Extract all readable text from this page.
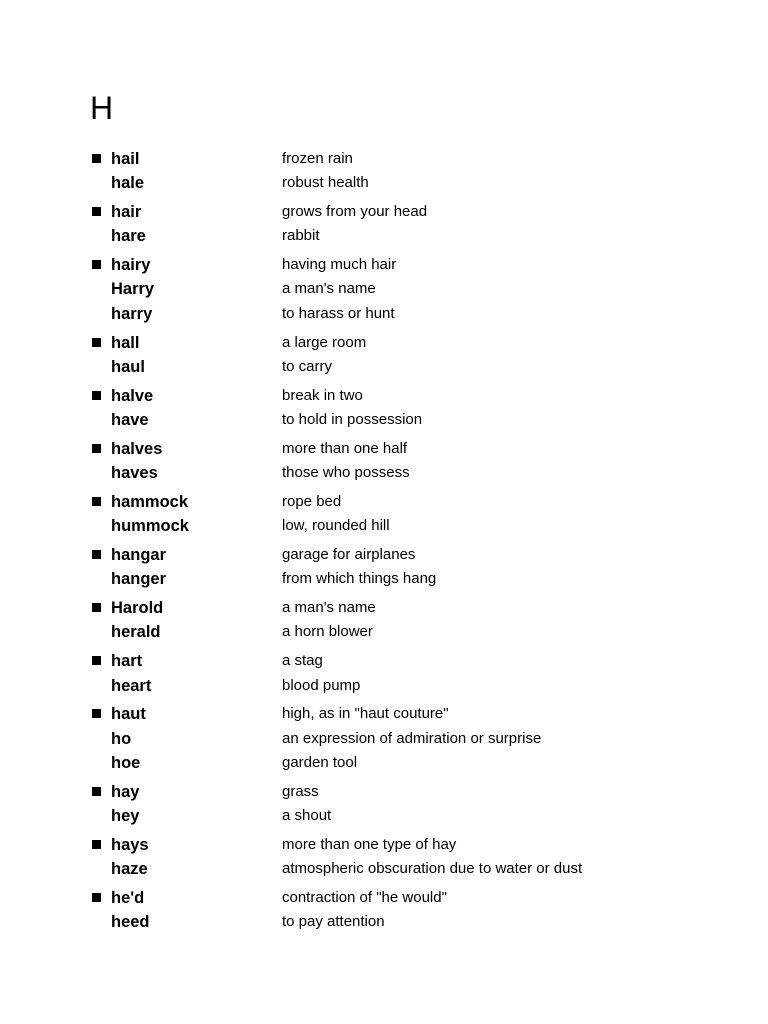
H
hail	frozen rain
hale	robust health
hair	grows from your head
hare	rabbit
hairy	having much hair
Harry	a man's name
harry	to harass or hunt
hall	a large room
haul	to carry
halve	break in two
have	to hold in possession
halves	more than one half
haves	those who possess
hammock	rope bed
hummock	low, rounded hill
hangar	garage for airplanes
hanger	from which things hang
Harold	a man's name
herald	a horn blower
hart	a stag
heart	blood pump
haut	high, as in "haut couture"
ho	an expression of admiration or surprise
hoe	garden tool
hay	grass
hey	a shout
hays	more than one type of hay
haze	atmospheric obscuration due to water or dust
he'd	contraction of "he would"
heed	to pay attention
